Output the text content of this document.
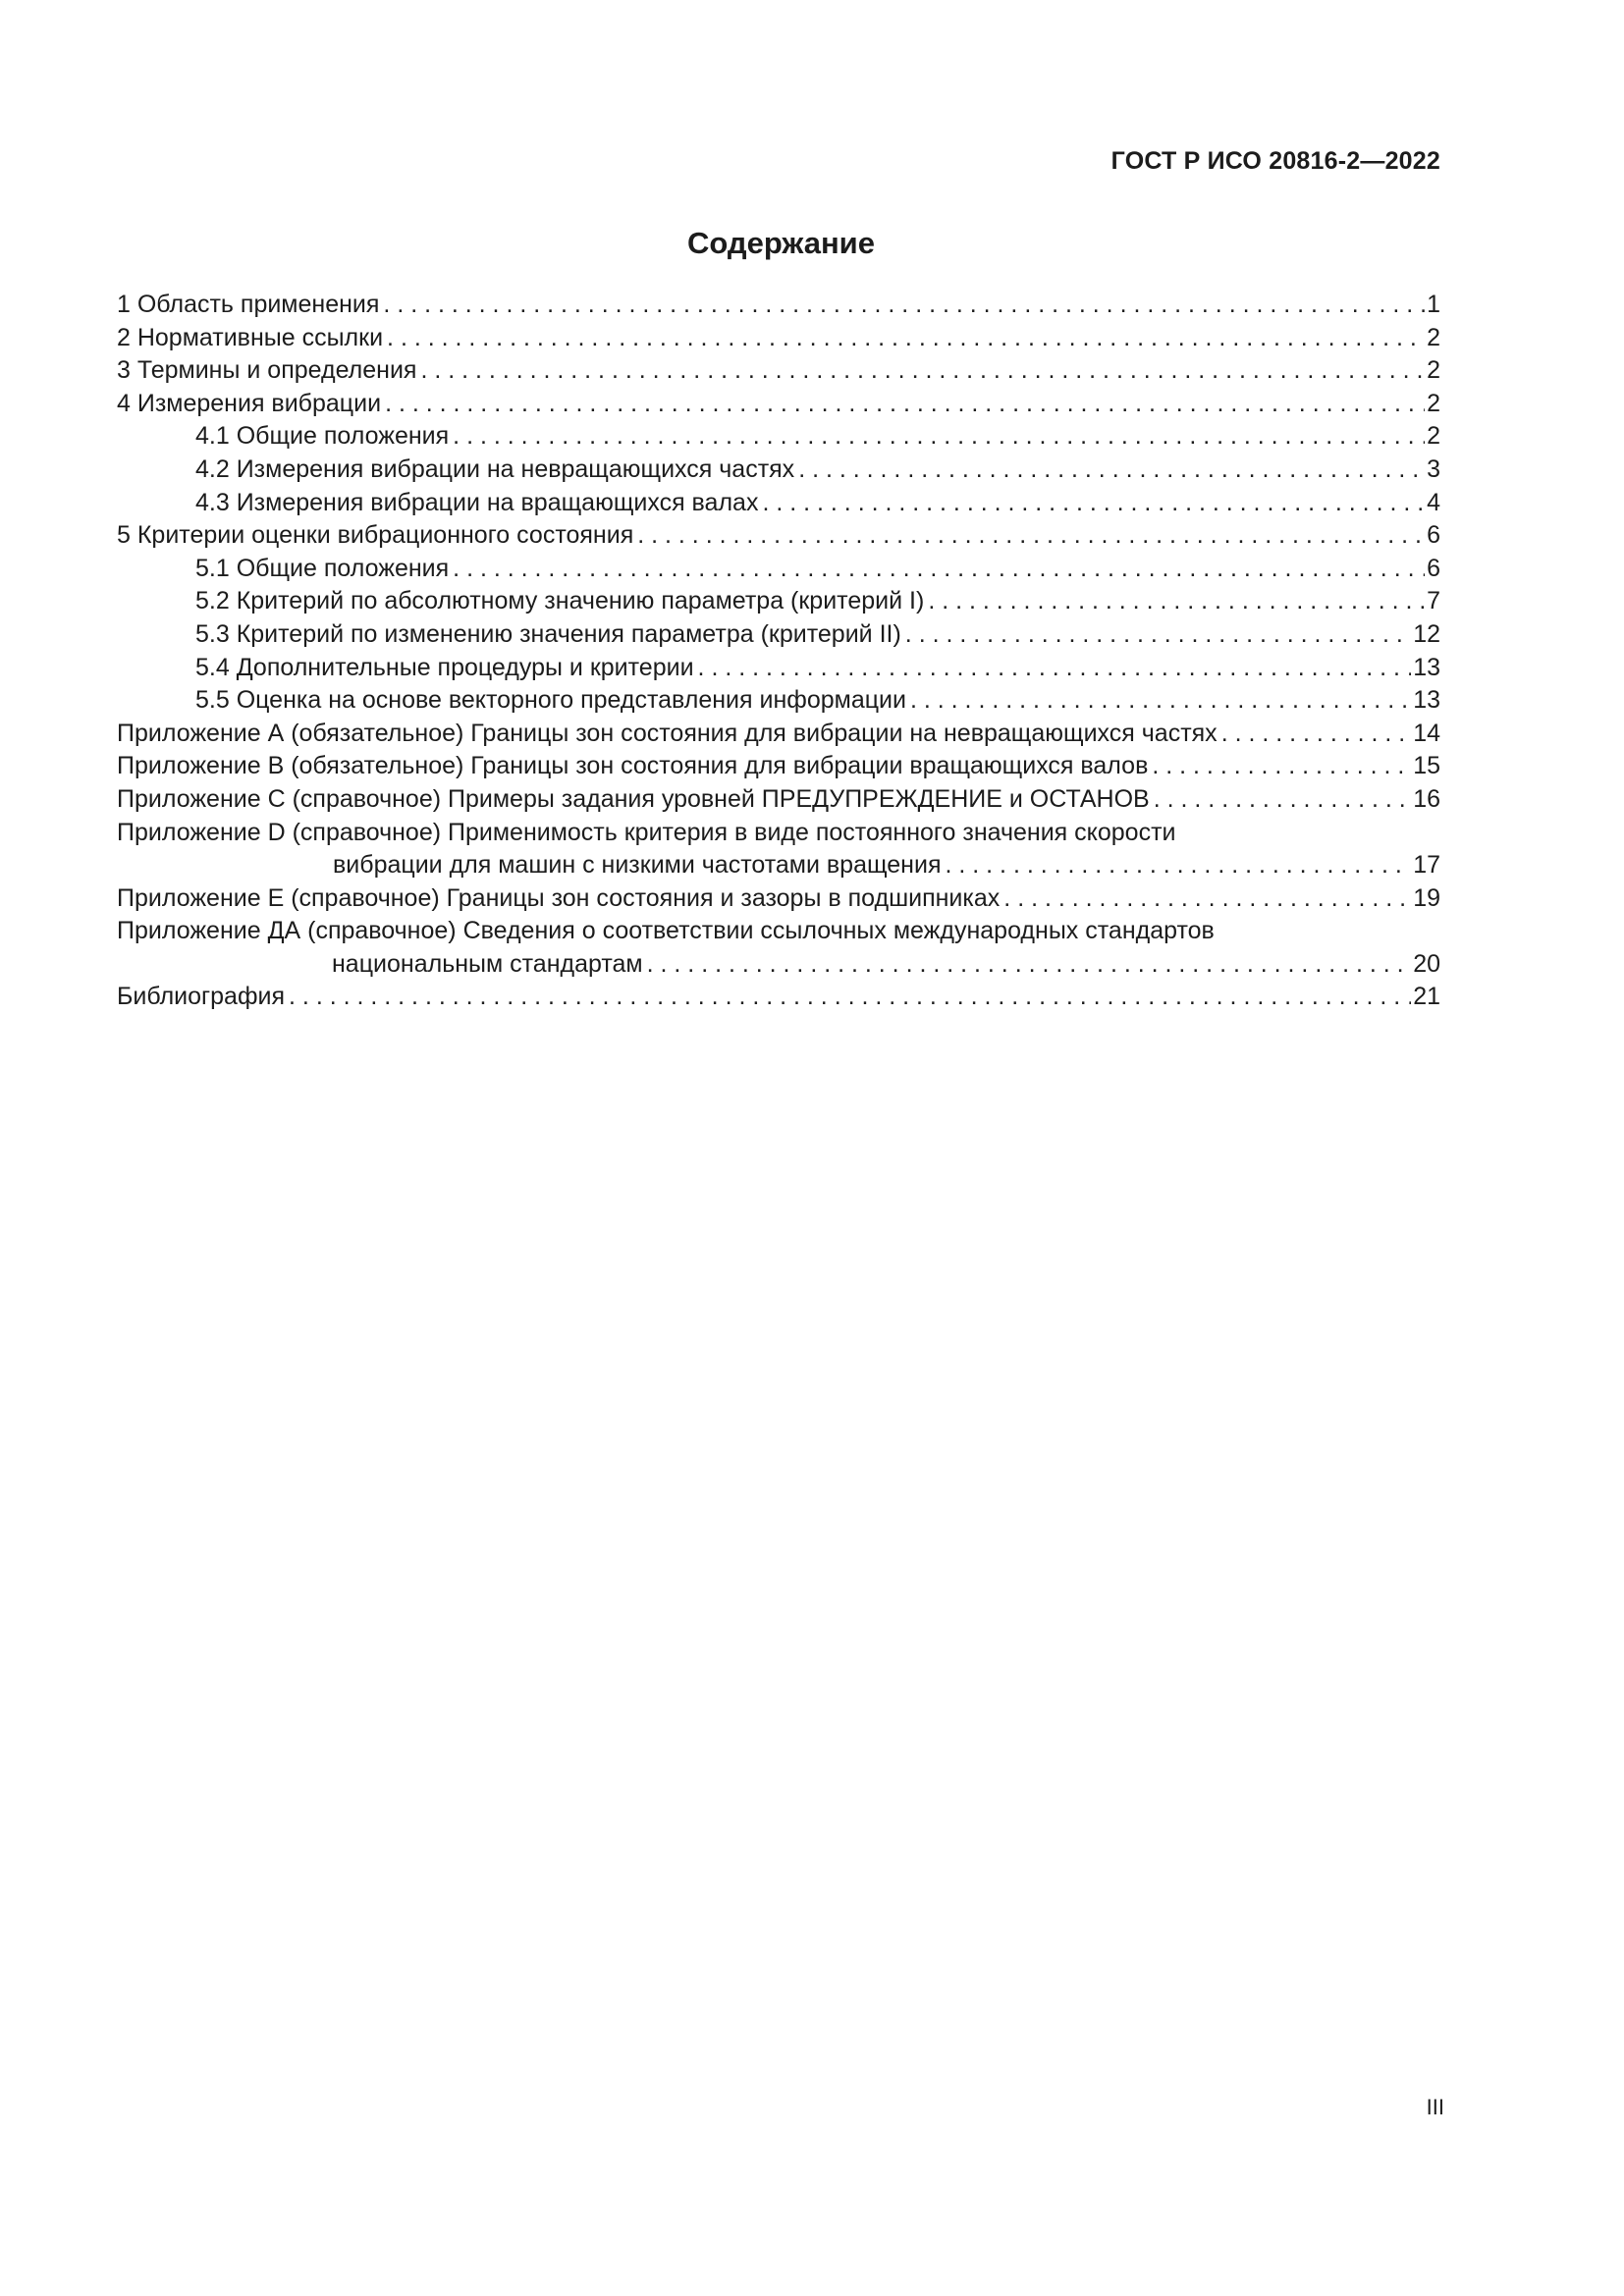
ГОСТ Р ИСО 20816-2—2022
Содержание
1 Область применения . . .	1
2 Нормативные ссылки . . .	2
3 Термины и определения . . .	2
4 Измерения вибрации . . .	2
4.1 Общие положения . . .	2
4.2 Измерения вибрации на невращающихся частях . . .	3
4.3 Измерения вибрации на вращающихся валах . . .	4
5 Критерии оценки вибрационного состояния . . .	6
5.1 Общие положения . . .	6
5.2 Критерий по абсолютному значению параметра (критерий I) . . .	7
5.3 Критерий по изменению значения параметра (критерий II) . . .	12
5.4 Дополнительные процедуры и критерии . . .	13
5.5 Оценка на основе векторного представления информации . . .	13
Приложение А (обязательное) Границы зон состояния для вибрации на невращающихся частях . . .	14
Приложение В (обязательное) Границы зон состояния для вибрации вращающихся валов . . .	15
Приложение С (справочное) Примеры задания уровней ПРЕДУПРЕЖДЕНИЕ и ОСТАНОВ . . .	16
Приложение D (справочное) Применимость критерия в виде постоянного значения скорости
вибрации для машин с низкими частотами вращения . . .	17
Приложение Е (справочное) Границы зон состояния и зазоры в подшипниках . . .	19
Приложение ДА (справочное) Сведения о соответствии ссылочных международных стандартов
национальным стандартам . . .	20
Библиография . . .	21
III
